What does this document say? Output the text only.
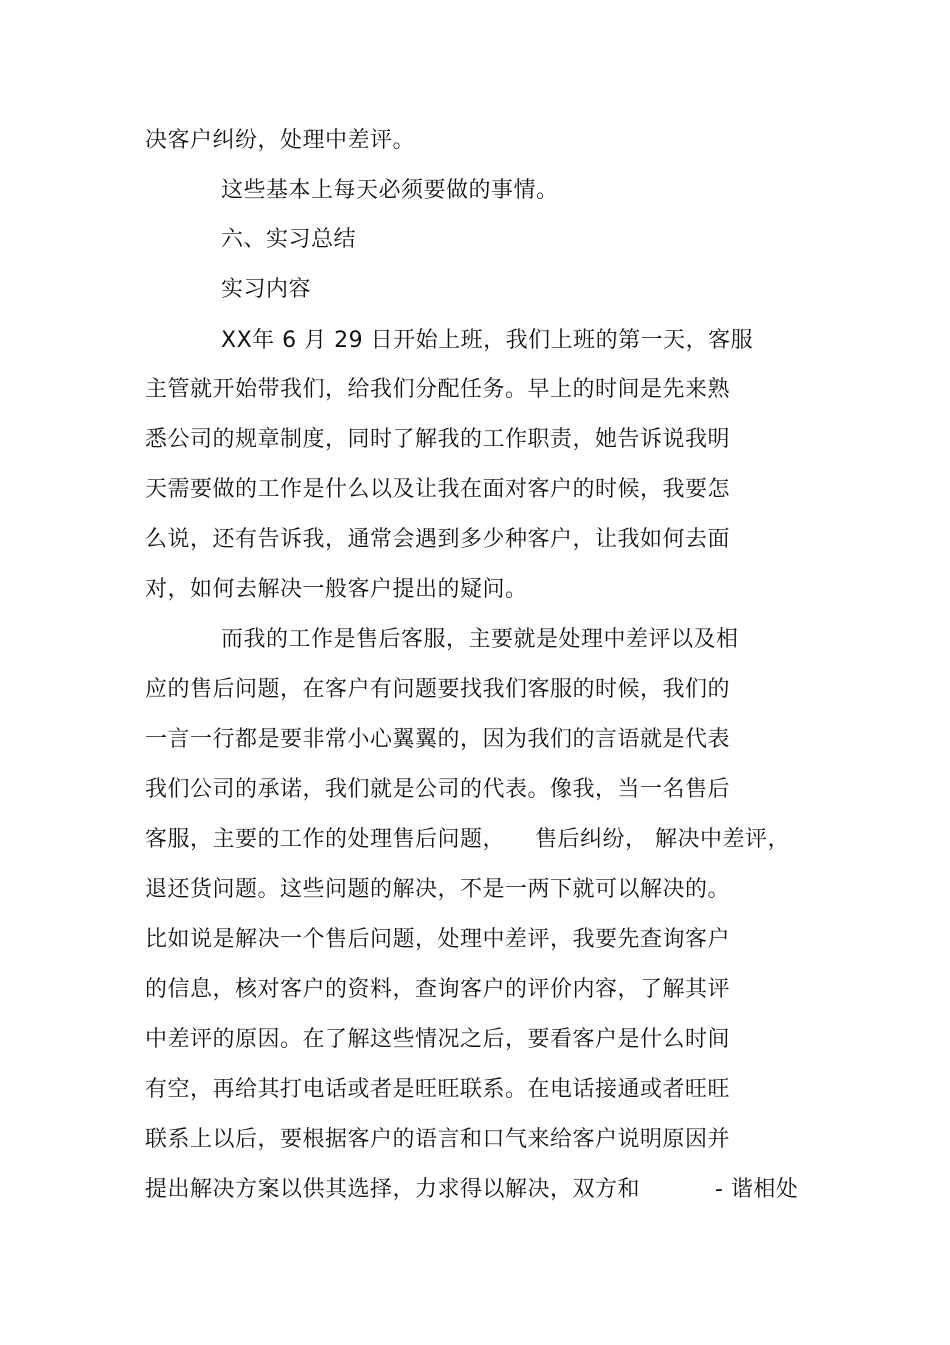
决客户纠纷，处理中差评。
这些基本上每天必须要做的事情。
六、实习总结
实习内容
XX年 6 月 29 日开始上班，我们上班的第一天，客服
主管就开始带我们，给我们分配任务。早上的时间是先来熟
悉公司的规章制度，同时了解我的工作职责，她告诉说我明
天需要做的工作是什么以及让我在面对客户的时候，我要怎
么说，还有告诉我，通常会遇到多少种客户，让我如何去面
对，如何去解决一般客户提出的疑问。
而我的工作是售后客服，主要就是处理中差评以及相
应的售后问题，在客户有问题要找我们客服的时候，我们的
一言一行都是要非常小心翼翼的，因为我们的言语就是代表
我们公司的承诺，我们就是公司的代表。像我，当一名售后
客服，主要的工作的处理售后问题， 售后纠纷， 解决中差评，
退还货问题。这些问题的解决，不是一两下就可以解决的。
比如说是解决一个售后问题，处理中差评，我要先查询客户
的信息，核对客户的资料，查询客户的评价内容，了解其评
中差评的原因。在了解这些情况之后，要看客户是什么时间
有空，再给其打电话或者是旺旺联系。在电话接通或者旺旺
联系上以后，要根据客户的语言和口气来给客户说明原因并
提出解决方案以供其选择，力求得以解决，双方和	- 谐相处
